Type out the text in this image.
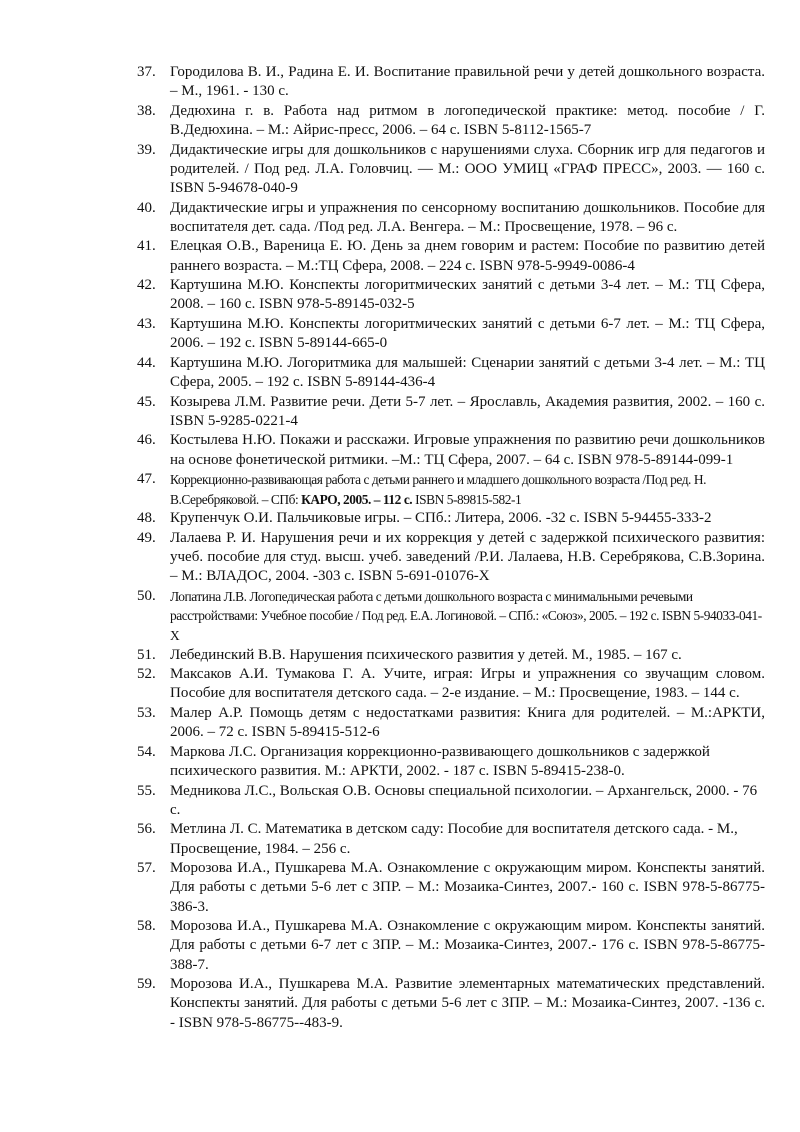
37. Городилова В. И., Радина Е. И. Воспитание правильной речи у детей дошкольного возраста. – М., 1961. - 130 с.
38. Дедюхина г. в. Работа над ритмом в логопедической практике: метод. пособие / Г. В.Дедюхина. – М.: Айрис-пресс, 2006. – 64 с. ISBN 5-8112-1565-7
39. Дидактические игры для дошкольников с нарушениями слуха. Сборник игр для педагогов и родителей. / Под ред. Л.А. Головчиц. — М.: ООО УМИЦ «ГРАФ ПРЕСС», 2003. — 160 с. ISBN 5-94678-040-9
40. Дидактические игры и упражнения по сенсорному воспитанию дошкольников. Пособие для воспитателя дет. сада. /Под ред. Л.А. Венгера. – М.: Просвещение, 1978. – 96 с.
41. Елецкая О.В., Вареница Е. Ю. День за днем говорим и растем: Пособие по развитию детей раннего возраста. – М.:ТЦ Сфера, 2008. – 224 с. ISBN 978-5-9949-0086-4
42. Картушина М.Ю. Конспекты логоритмических занятий с детьми 3-4 лет. – М.: ТЦ Сфера, 2008. – 160 с. ISBN 978-5-89145-032-5
43. Картушина М.Ю. Конспекты логоритмических занятий с детьми 6-7 лет. – М.: ТЦ Сфера, 2006. – 192 с. ISBN 5-89144-665-0
44. Картушина М.Ю. Логоритмика для малышей: Сценарии занятий с детьми 3-4 лет. – М.: ТЦ Сфера, 2005. – 192 с. ISBN 5-89144-436-4
45. Козырева Л.М. Развитие речи. Дети 5-7 лет. – Ярославль, Академия развития, 2002. – 160 с. ISBN 5-9285-0221-4
46. Костылева Н.Ю. Покажи и расскажи. Игровые упражнения по развитию речи дошкольников на основе фонетической ритмики. –М.: ТЦ Сфера, 2007. – 64 с. ISBN 978-5-89144-099-1
47.	Коррекционно-развивающая работа с детьми раннего и младшего дошкольного возраста /Под ред. Н. В.Серебряковой. – СПб: КАРО, 2005. – 112 с. ISBN 5-89815-582-1
48. Крупенчук О.И. Пальчиковые игры. – СПб.: Литера, 2006. -32 с. ISBN 5-94455-333-2
49. Лалаева Р. И. Нарушения речи и их коррекция у детей с задержкой психического развития: учеб. пособие для студ. высш. учеб. заведений /Р.И. Лалаева, Н.В. Серебрякова, С.В.Зорина. – М.: ВЛАДОС, 2004. -303 с. ISBN 5-691-01076-X
50.	Лопатина Л.В. Логопедическая работа с детьми дошкольного возраста с минимальными речевыми расстройствами: Учебное пособие / Под ред. Е.А. Логиновой. – СПб.: «Союз», 2005. – 192 с. ISBN 5-94033-041-X
51. Лебединский В.В. Нарушения психического развития у детей. М., 1985. – 167 с.
52. Максаков А.И. Тумакова Г. А. Учите, играя: Игры и упражнения со звучащим словом. Пособие для воспитателя детского сада. – 2-е издание. – М.: Просвещение, 1983. – 144 с.
53. Малер А.Р. Помощь детям с недостатками развития: Книга для родителей. – М.:АРКТИ, 2006. – 72 с. ISBN 5-89415-512-6
54. Маркова Л.С. Организация коррекционно-развивающего дошкольников с задержкой психического развития. М.: АРКТИ, 2002. - 187 с. ISBN 5-89415-238-0.
55. Медникова Л.С., Вольская О.В. Основы специальной психологии. – Архангельск, 2000. - 76 с.
56. Метлина Л. С. Математика в детском саду: Пособие для воспитателя детского сада. - М., Просвещение, 1984. – 256 с.
57. Морозова И.А., Пушкарева М.А. Ознакомление с окружающим миром. Конспекты занятий. Для работы с детьми 5-6 лет с ЗПР. – М.: Мозаика-Синтез, 2007.- 160 с. ISBN 978-5-86775-386-3.
58. Морозова И.А., Пушкарева М.А. Ознакомление с окружающим миром. Конспекты занятий. Для работы с детьми 6-7 лет с ЗПР. – М.: Мозаика-Синтез, 2007.- 176 с. ISBN 978-5-86775-388-7.
59. Морозова И.А., Пушкарева М.А. Развитие элементарных математических представлений. Конспекты занятий. Для работы с детьми 5-6 лет с ЗПР. – М.: Мозаика-Синтез, 2007. -136 с. - ISBN 978-5-86775--483-9.
